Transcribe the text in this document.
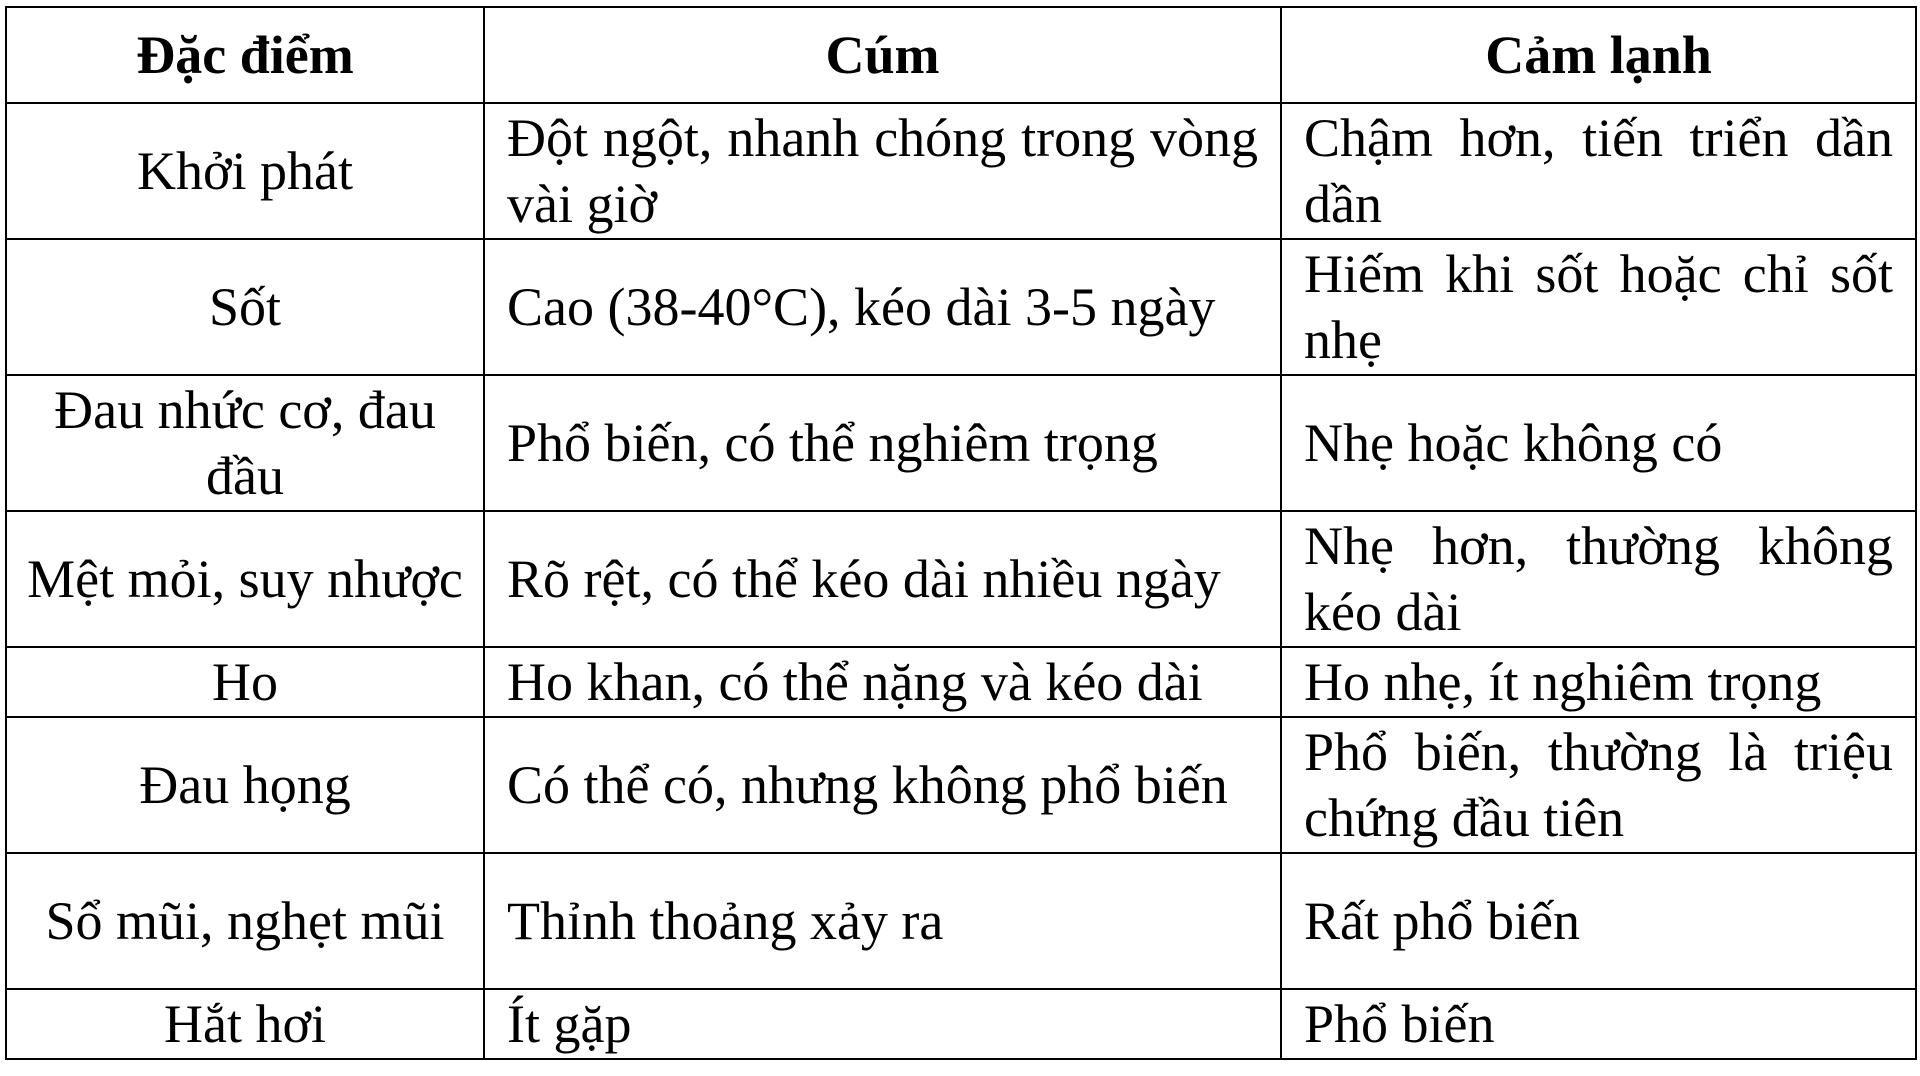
Đặc điểm	Cúm	Cảm lạnh
Khởi phát	Đột ngột, nhanh chóng trong vòng vài giờ	Chậm hơn, tiến triển dần dần
Sốt	Cao (38-40°C), kéo dài 3-5 ngày	Hiếm khi sốt hoặc chỉ sốt nhẹ
Đau nhức cơ, đau đầu	Phổ biến, có thể nghiêm trọng	Nhẹ hoặc không có
Mệt mỏi, suy nhược	Rõ rệt, có thể kéo dài nhiều ngày	Nhẹ hơn, thường không kéo dài
Ho	Ho khan, có thể nặng và kéo dài	Ho nhẹ, ít nghiêm trọng
Đau họng	Có thể có, nhưng không phổ biến	Phổ biến, thường là triệu chứng đầu tiên
Sổ mũi, nghẹt mũi	Thỉnh thoảng xảy ra	Rất phổ biến
Hắt hơi	Ít gặp	Phổ biến
